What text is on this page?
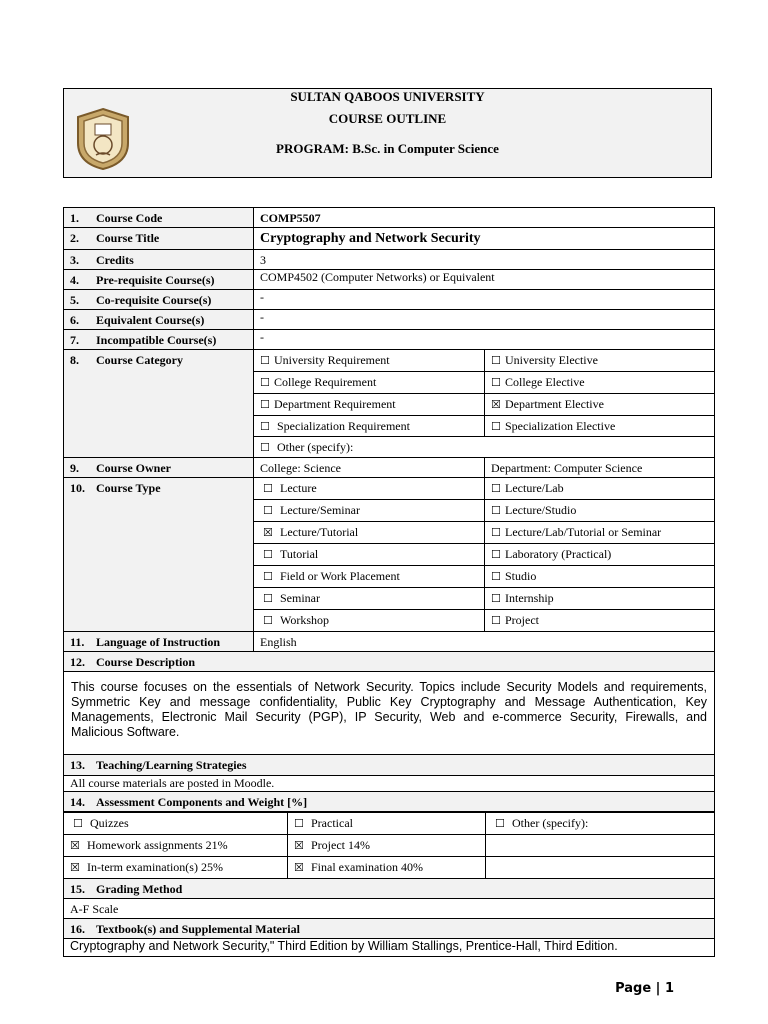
SULTAN QABOOS UNIVERSITY
COURSE OUTLINE
PROGRAM: B.Sc. in Computer Science
1. Course Code	COMP5507	
2. Course Title	Cryptography and Network Security	
3. Credits	3	
4. Pre-requisite Course(s)	COMP4502 (Computer Networks) or Equivalent	
5. Co-requisite Course(s)	-	
6. Equivalent Course(s)	-	
7. Incompatible Course(s)	-	
8. Course Category	☐ University Requirement	☐ University Elective
	☐ College Requirement	☐ College Elective
	☐ Department Requirement	☒ Department Elective
	☐ Specialization Requirement	☐ Specialization Elective
	☐ Other (specify):	
9. Course Owner	College: Science	Department: Computer Science
10. Course Type	☐ Lecture	☐ Lecture/Lab
	☐ Lecture/Seminar	☐ Lecture/Studio
	☒ Lecture/Tutorial	☐ Lecture/Lab/Tutorial or Seminar
	☐ Tutorial	☐ Laboratory (Practical)
	☐ Field or Work Placement	☐ Studio
	☐ Seminar	☐ Internship
	☐ Workshop	☐ Project
11. Language of Instruction	English	
12. Course Description		
This course focuses on the essentials of Network Security. Topics include Security Models and requirements, Symmetric Key and message confidentiality, Public Key Cryptography and Message Authentication, Key Managements, Electronic Mail Security (PGP), IP Security, Web and e-commerce Security, Firewalls, and Malicious Software.		
13. Teaching/Learning Strategies		
All course materials are posted in Moodle.		
14. Assessment Components and Weight [%]		
☐ Quizzes	☐ Practical	☐ Other (specify):
☒ Homework assignments 21%	☒ Project 14%	
☒ In-term examination(s) 25%	☒ Final examination 40%	
15. Grading Method
A-F Scale
16. Textbook(s) and Supplemental Material
Cryptography and Network Security," Third Edition by William Stallings, Prentice-Hall, Third Edition.
Page | 1
